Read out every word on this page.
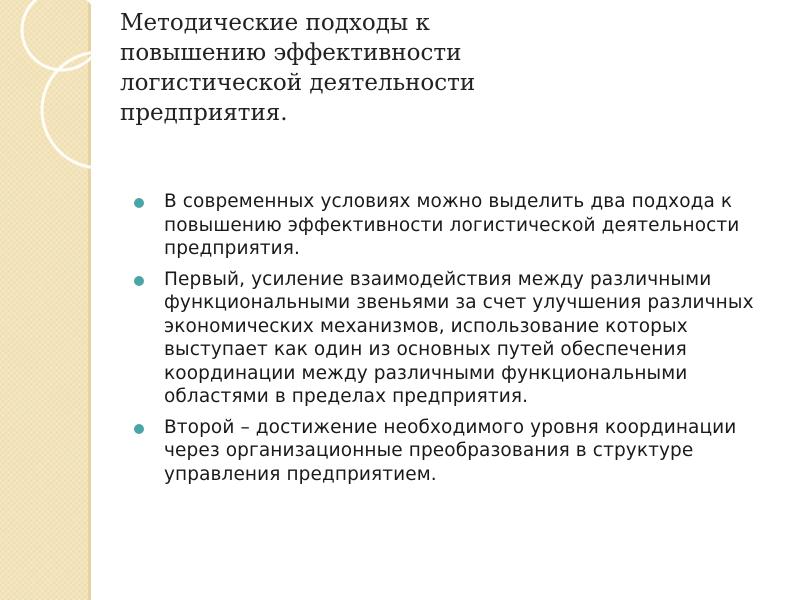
Методические подходы к повышению эффективности логистической деятельности предприятия.
В современных условиях можно выделить два подхода к повышению эффективности логистической деятельности предприятия.
Первый, усиление взаимодействия между различными функциональными звеньями за счет улучшения различных экономических механизмов, использование которых выступает как один из основных путей обеспечения координации между различными функциональными областями в пределах предприятия.
Второй – достижение необходимого уровня координации через организационные преобразования в структуре управления предприятием.
